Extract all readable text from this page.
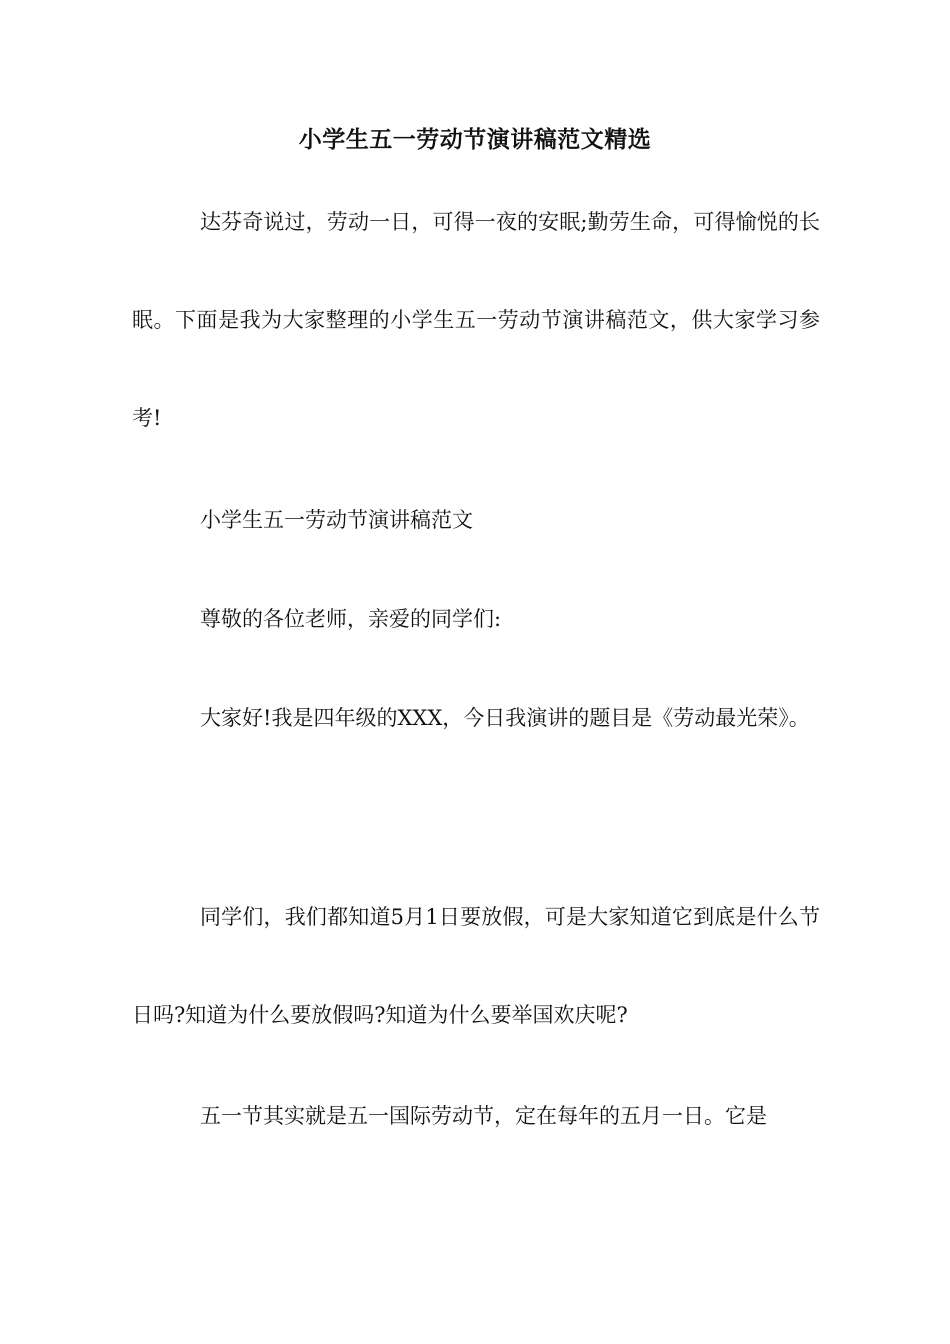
小学生五一劳动节演讲稿范文精选

达芬奇说过，劳动一日，可得一夜的安眠;勤劳生命，可得愉悦的长眠。下面是我为大家整理的小学生五一劳动节演讲稿范文，供大家学习参考!

小学生五一劳动节演讲稿范文

尊敬的各位老师，亲爱的同学们:

大家好!我是四年级的XXX，今日我演讲的题目是《劳动最光荣》。

同学们，我们都知道5月1日要放假，可是大家知道它到底是什么节日吗?知道为什么要放假吗?知道为什么要举国欢庆呢?

五一节其实就是五一国际劳动节，定在每年的五月一日。它是
